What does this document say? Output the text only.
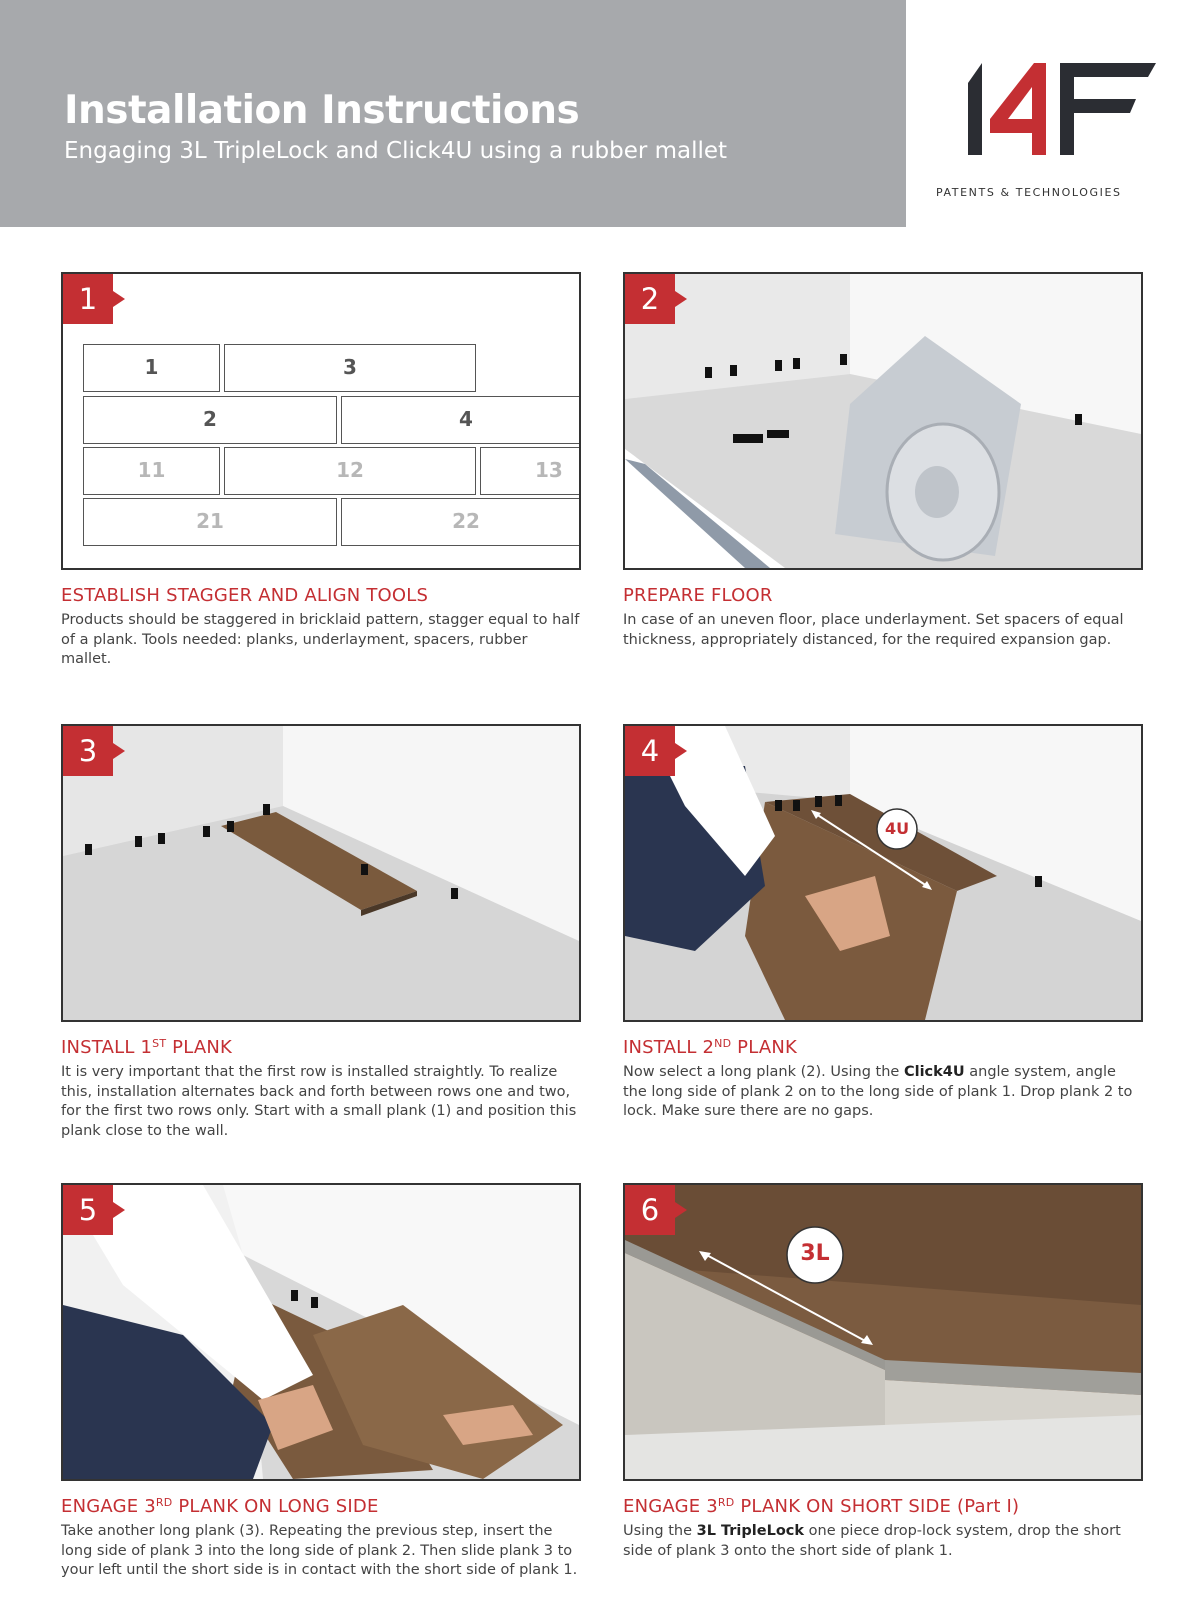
Installation Instructions
Engaging 3L TripleLock and Click4U using a rubber mallet
PATENTS & TECHNOLOGIES
1
1	3
2	4
11	12	13
21	22
ESTABLISH STAGGER AND ALIGN TOOLS
Products should be staggered in bricklaid pattern, stagger equal to half of a plank. Tools needed: planks, underlayment, spacers, rubber mallet.
2
PREPARE FLOOR
In case of an uneven floor, place underlayment. Set spacers of equal thickness, appropriately distanced, for the required expansion gap.
3
INSTALL 1ST PLANK
It is very important that the first row is installed straightly. To realize this, installation alternates back and forth between rows one and two, for the first two rows only. Start with a small plank (1) and position this plank close to the wall.
4U
4
INSTALL 2ND PLANK
Now select a long plank (2). Using the Click4U angle system, angle the long side of plank 2 on to the long side of plank 1. Drop plank 2 to lock. Make sure there are no gaps.
5
ENGAGE 3RD PLANK ON LONG SIDE
Take another long plank (3). Repeating the previous step, insert the long side of plank 3 into the long side of plank 2. Then slide plank 3 to your left until the short side is in contact with the short side of plank 1.
3L
6
ENGAGE 3RD PLANK ON SHORT SIDE (Part I)
Using the 3L TripleLock one piece drop-lock system, drop the short side of plank 3 onto the short side of plank 1.
